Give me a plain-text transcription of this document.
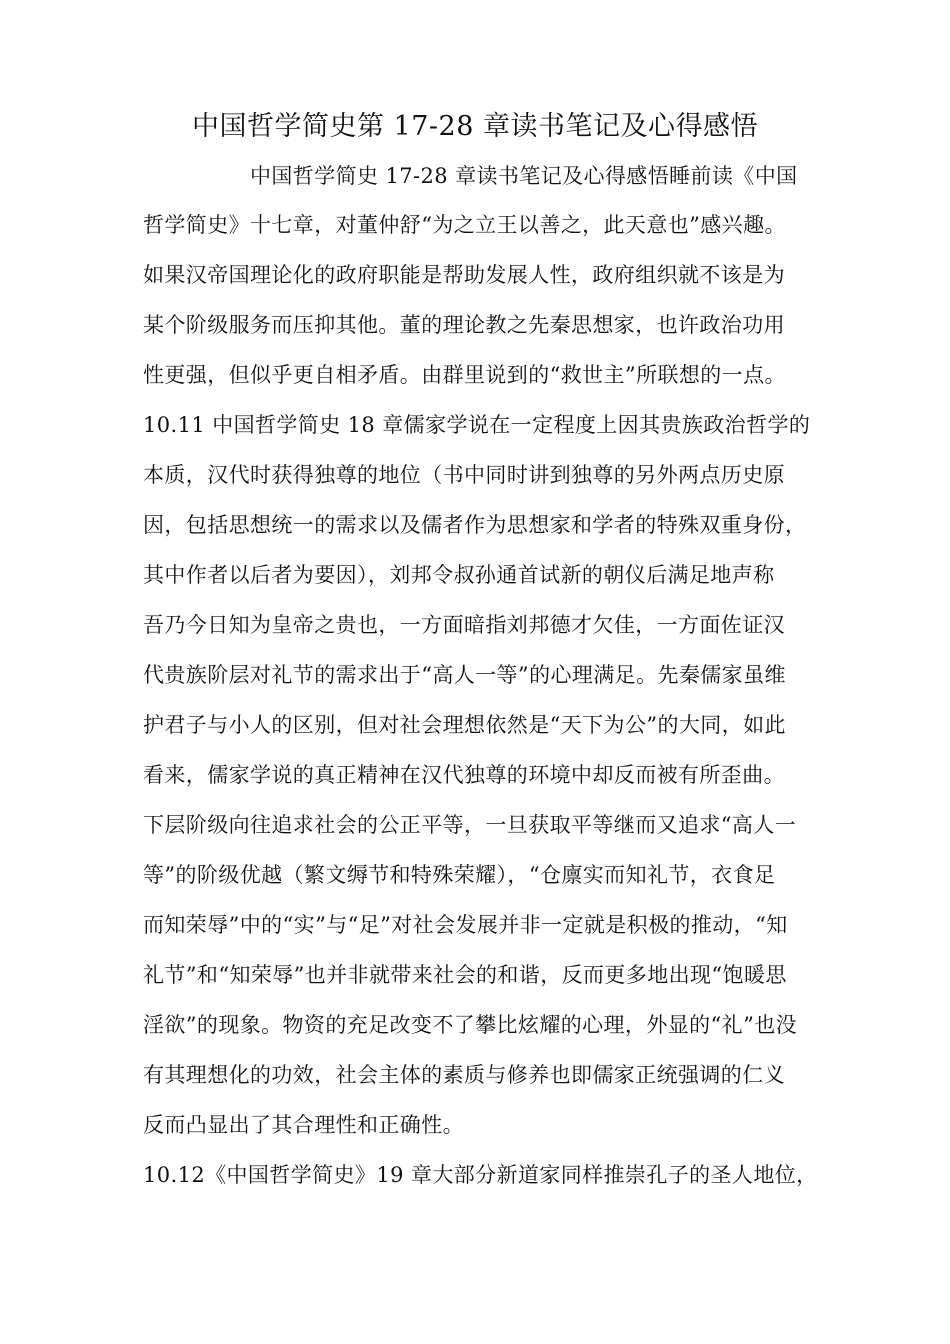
中国哲学简史第 17-28 章读书笔记及心得感悟
中国哲学简史 17-28 章读书笔记及心得感悟睡前读《中国
哲学简史》十七章，对董仲舒“为之立王以善之，此天意也”感兴趣。
如果汉帝国理论化的政府职能是帮助发展人性，政府组织就不该是为
某个阶级服务而压抑其他。董的理论教之先秦思想家，也许政治功用
性更强，但似乎更自相矛盾。由群里说到的“救世主”所联想的一点。
10.11 中国哲学简史 18 章儒家学说在一定程度上因其贵族政治哲学的
本质，汉代时获得独尊的地位（书中同时讲到独尊的另外两点历史原
因，包括思想统一的需求以及儒者作为思想家和学者的特殊双重身份，
其中作者以后者为要因），刘邦令叔孙通首试新的朝仪后满足地声称
吾乃今日知为皇帝之贵也，一方面暗指刘邦德才欠佳，一方面佐证汉
代贵族阶层对礼节的需求出于“高人一等”的心理满足。先秦儒家虽维
护君子与小人的区别，但对社会理想依然是“天下为公”的大同，如此
看来，儒家学说的真正精神在汉代独尊的环境中却反而被有所歪曲。
下层阶级向往追求社会的公正平等，一旦获取平等继而又追求“高人一
等”的阶级优越（繁文缛节和特殊荣耀），“仓廪实而知礼节，衣食足
而知荣辱”中的“实”与“足”对社会发展并非一定就是积极的推动，“知
礼节”和“知荣辱”也并非就带来社会的和谐，反而更多地出现“饱暖思
淫欲”的现象。物资的充足改变不了攀比炫耀的心理，外显的“礼”也没
有其理想化的功效，社会主体的素质与修养也即儒家正统强调的仁义
反而凸显出了其合理性和正确性。
10.12《中国哲学简史》19 章大部分新道家同样推崇孔子的圣人地位，
